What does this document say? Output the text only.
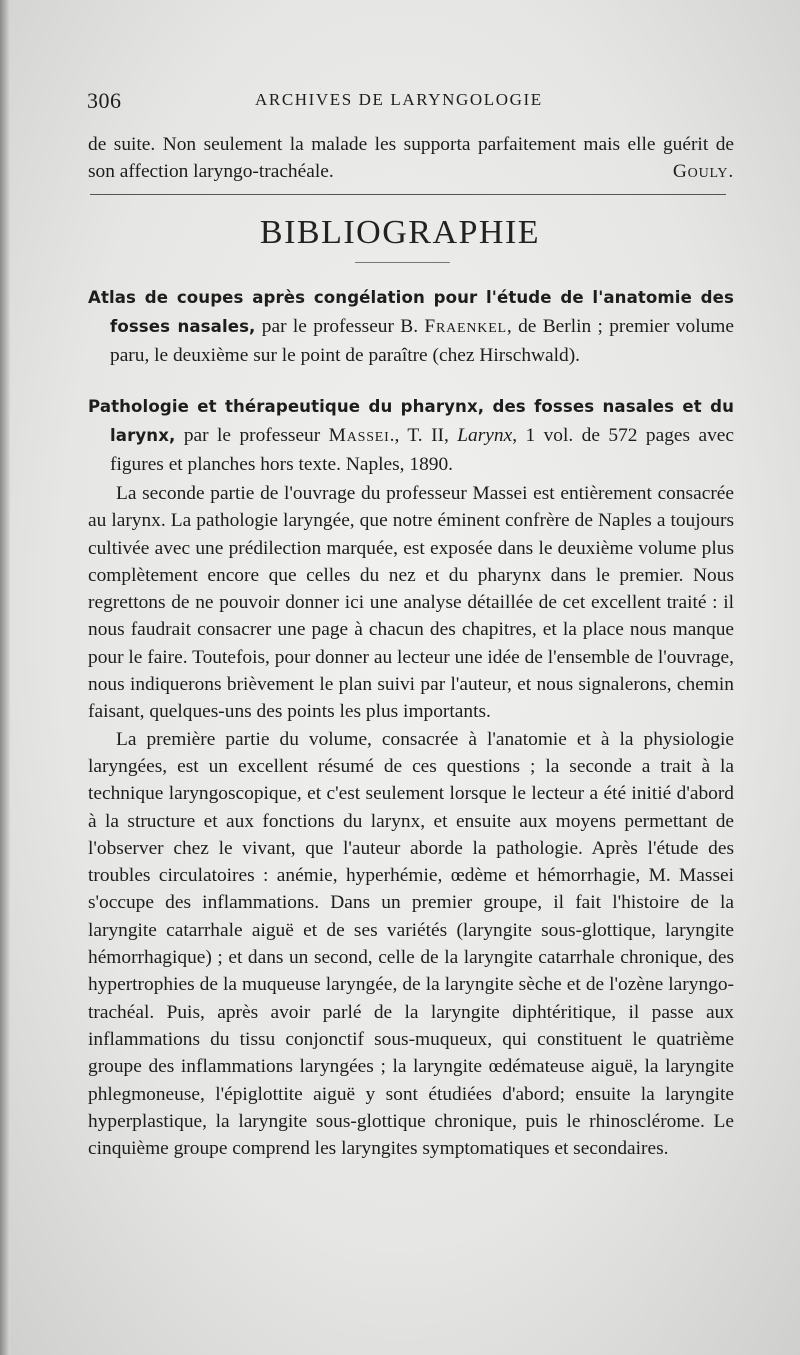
306	ARCHIVES DE LARYNGOLOGIE
de suite. Non seulement la malade les supporta parfaitement mais elle guérit de son affection laryngo-trachéale.	Gouly.
BIBLIOGRAPHIE
Atlas de coupes après congélation pour l'étude de l'anatomie des fosses nasales, par le professeur B. Fraenkel, de Berlin ; premier volume paru, le deuxième sur le point de paraître (chez Hirschwald).
Pathologie et thérapeutique du pharynx, des fosses nasales et du larynx, par le professeur Massei., T. II, Larynx, 1 vol. de 572 pages avec figures et planches hors texte. Naples, 1890.

La seconde partie de l'ouvrage du professeur Massei est entièrement consacrée au larynx. La pathologie laryngée, que notre éminent confrère de Naples a toujours cultivée avec une prédilection marquée, est exposée dans le deuxième volume plus complètement encore que celles du nez et du pharynx dans le premier. Nous regrettons de ne pouvoir donner ici une analyse détaillée de cet excellent traité : il nous faudrait consacrer une page à chacun des chapitres, et la place nous manque pour le faire. Toutefois, pour donner au lecteur une idée de l'ensemble de l'ouvrage, nous indiquerons brièvement le plan suivi par l'auteur, et nous signalerons, chemin faisant, quelques-uns des points les plus importants.

La première partie du volume, consacrée à l'anatomie et à la physiologie laryngées, est un excellent résumé de ces questions ; la seconde a trait à la technique laryngoscopique, et c'est seulement lorsque le lecteur a été initié d'abord à la structure et aux fonctions du larynx, et ensuite aux moyens permettant de l'observer chez le vivant, que l'auteur aborde la pathologie. Après l'étude des troubles circulatoires : anémie, hyperhémie, œdème et hémorrhagie, M. Massei s'occupe des inflammations. Dans un premier groupe, il fait l'histoire de la laryngite catarrhale aiguë et de ses variétés (laryngite sous-glottique, laryngite hémorrhagique) ; et dans un second, celle de la laryngite catarrhale chronique, des hypertrophies de la muqueuse laryngée, de la laryngite sèche et de l'ozène laryngo-trachéal. Puis, après avoir parlé de la laryngite diphtéritique, il passe aux inflammations du tissu conjonctif sous-muqueux, qui constituent le quatrième groupe des inflammations laryngées ; la laryngite œdémateuse aiguë, la laryngite phlegmoneuse, l'épiglottite aiguë y sont étudiées d'abord; ensuite la laryngite hyperplastique, la laryngite sous-glottique chronique, puis le rhinosclérome. Le cinquième groupe comprend les laryngites symptomatiques et secondaires.
